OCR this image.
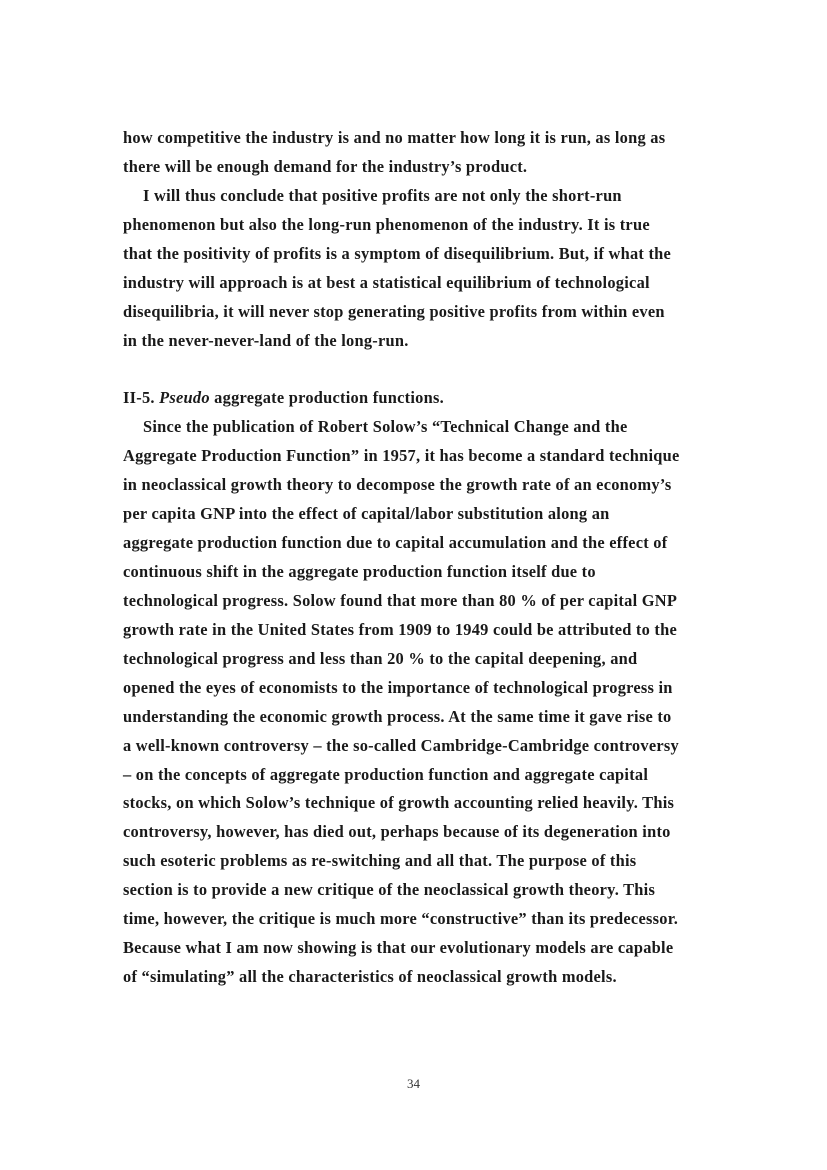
how competitive the industry is and no matter how long it is run, as long as
there will be enough demand for the industry’s product.
I will thus conclude that positive profits are not only the short-run
phenomenon but also the long-run phenomenon of the industry. It is true
that the positivity of profits is a symptom of disequilibrium. But, if what the
industry will approach is at best a statistical equilibrium of technological
disequilibria, it will never stop generating positive profits from within even
in the never-never-land of the long-run.
II-5. Pseudo aggregate production functions.
Since the publication of Robert Solow’s “Technical Change and the
Aggregate Production Function” in 1957, it has become a standard technique
in neoclassical growth theory to decompose the growth rate of an economy’s
per capita GNP into the effect of capital/labor substitution along an
aggregate production function due to capital accumulation and the effect of
continuous shift in the aggregate production function itself due to
technological progress. Solow found that more than 80 % of per capital GNP
growth rate in the United States from 1909 to 1949 could be attributed to the
technological progress and less than 20 % to the capital deepening, and
opened the eyes of economists to the importance of technological progress in
understanding the economic growth process. At the same time it gave rise to
a well-known controversy – the so-called Cambridge-Cambridge controversy
– on the concepts of aggregate production function and aggregate capital
stocks, on which Solow’s technique of growth accounting relied heavily. This
controversy, however, has died out, perhaps because of its degeneration into
such esoteric problems as re-switching and all that. The purpose of this
section is to provide a new critique of the neoclassical growth theory. This
time, however, the critique is much more “constructive” than its predecessor.
Because what I am now showing is that our evolutionary models are capable
of “simulating” all the characteristics of neoclassical growth models.
34
